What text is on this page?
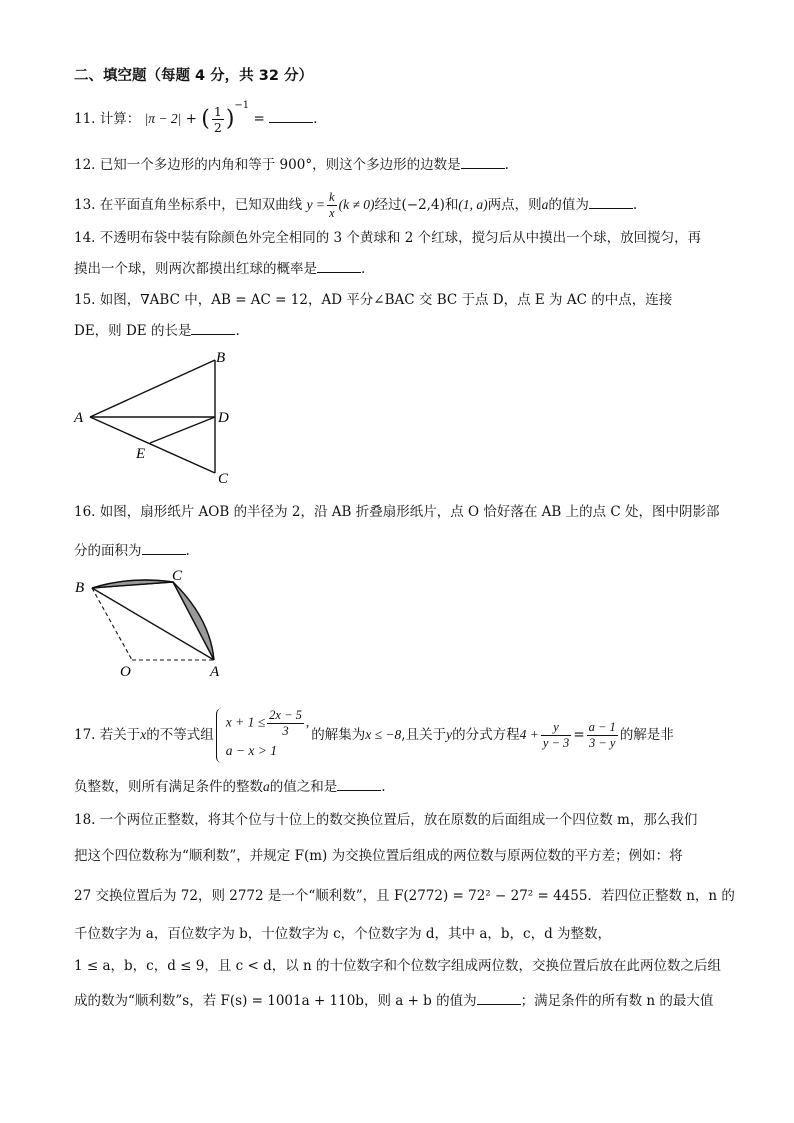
二、填空题（每题 4 分，共 32 分）
11. 计算： |π − 2| + ( $\frac{1}{2} )^{-1}$ =	.
12. 已知一个多边形的内角和等于 900°，则这个多边形的边数是	.
13. 在平面直角坐标系中，已知双曲线 $y = \frac{k}{x} (k \ne 0)$经过(−2,4)和(1, a)两点，则a的值为	.
14. 不透明布袋中装有除颜色外完全相同的 3 个黄球和 2 个红球，搅匀后从中摸出一个球，放回搅匀，再
摸出一个球，则两次都摸出红球的概率是	.
15. 如图，∇ABC 中，AB = AC = 12，AD 平分∠BAC 交 BC 于点 D，点 E 为 AC 的中点，连接
DE，则 DE 的长是	.
A
B
C
D
E
16. 如图，扇形纸片 AOB 的半径为 2，沿 AB 折叠扇形纸片，点 O 恰好落在 AB 上的点 C 处，图中阴影部
分的面积为	.
B
C
A
O
17. 若关于x的不等式组
$x + 1 \le \frac{2x - 5}{3}$ ,
a − x > 1
的解集为x ≤ −8,且关于y的分式方程$4 + \frac{y}{y - 3} = \frac{a - 1}{3 - y}$ 的解是非
负整数，则所有满足条件的整数a的值之和是	.
18. 一个两位正整数，将其个位与十位上的数交换位置后，放在原数的后面组成一个四位数 m，那么我们
把这个四位数称为“顺利数”，并规定 F(m) 为交换位置后组成的两位数与原两位数的平方差；例如：将
27 交换位置后为 72，则 2772 是一个“顺利数”，且 F(2772) = 72² − 27² = 4455．若四位正整数 n，n 的
千位数字为 a，百位数字为 b，十位数字为 c，个位数字为 d，其中 a，b，c，d 为整数，
1 ≤ a，b，c，d ≤ 9，且 c < d，以 n 的十位数字和个位数字组成两位数，交换位置后放在此两位数之后组
成的数为“顺利数”s，若 F(s) = 1001a + 110b，则 a + b 的值为	；满足条件的所有数 n 的最大值
